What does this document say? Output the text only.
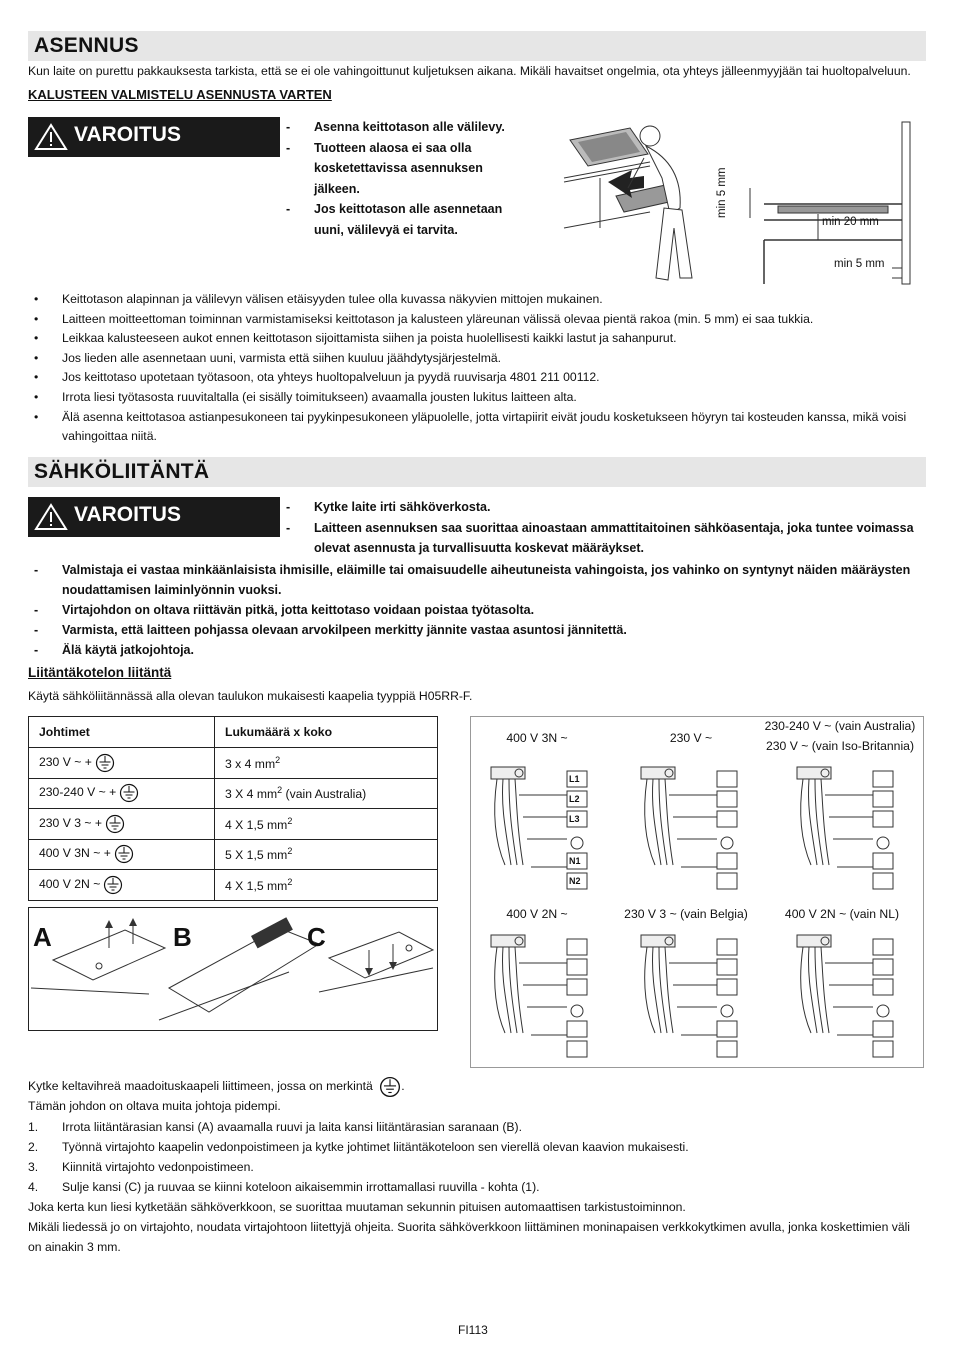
ASENNUS
Kun laite on purettu pakkauksesta tarkista, että se ei ole vahingoittunut kuljetuksen aikana. Mikäli havaitset ongelmia, ota yhteys jälleenmyyjään tai huoltopalveluun.
KALUSTEEN VALMISTELU ASENNUSTA VARTEN
VAROITUS	- Asenna keittotason alle välilevy.
- Tuotteen alaosa ei saa olla kosketettavissa asennuksen jälkeen.
- Jos keittotason alle asennetaan uuni, välilevyä ei tarvita.
min 5 mm
min 20 mm
min 5 mm
• Keittotason alapinnan ja välilevyn välisen etäisyyden tulee olla kuvassa näkyvien mittojen mukainen.
• Laitteen moitteettoman toiminnan varmistamiseksi keittotason ja kalusteen yläreunan välissä olevaa pientä rakoa (min. 5 mm) ei saa tukkia.
• Leikkaa kalusteeseen aukot ennen keittotason sijoittamista siihen ja poista huolellisesti kaikki lastut ja sahanpurut.
• Jos lieden alle asennetaan uuni, varmista että siihen kuuluu jäähdytysjärjestelmä.
• Jos keittotaso upotetaan työtasoon, ota yhteys huoltopalveluun ja pyydä ruuvisarja 4801 211 00112.
• Irrota liesi työtasosta ruuvitaltalla (ei sisälly toimitukseen) avaamalla jousten lukitus laitteen alta.
• Älä asenna keittotasoa astianpesukoneen tai pyykinpesukoneen yläpuolelle, jotta virtapiirit eivät joudu kosketukseen höyryn tai kosteuden kanssa, mikä voisi vahingoittaa niitä.
SÄHKÖLIITÄNTÄ
VAROITUS	- Kytke laite irti sähköverkosta.
- Laitteen asennuksen saa suorittaa ainoastaan ammattitaitoinen sähköasentaja, joka tuntee voimassa olevat asennusta ja turvallisuutta koskevat määräykset.
- Valmistaja ei vastaa minkäänlaisista ihmisille, eläimille tai omaisuudelle aiheutuneista vahingoista, jos vahinko on syntynyt näiden määräysten noudattamisen laiminlyönnin vuoksi.
- Virtajohdon on oltava riittävän pitkä, jotta keittotaso voidaan poistaa työtasolta.
- Varmista, että laitteen pohjassa olevaan arvokilpeen merkitty jännite vastaa asuntosi jännitettä.
- Älä käytä jatkojohtoja.
Liitäntäkotelon liitäntä
Käytä sähköliitännässä alla olevan taulukon mukaisesti kaapelia tyyppiä H05RR-F.
Johtimet	Lukumäärä x koko
230 V ~ +	3 x 4 $mm^2$
230-240 V ~ +	3 X 4 $mm^2$ (vain Australia)
230 V 3 ~ +	4 X 1,5 $mm^2$
400 V 3N ~ +	5 X 1,5 $mm^2$
400 V 2N ~	4 X 1,5 $mm^2$
A	B	C
400 V 3N ~	230 V ~
230-240 V ~ (vain Australia)
230 V ~ (vain Iso-Britannia)
400 V 2N ~	230 V 3 ~ (vain Belgia)	400 V 2N ~ (vain NL)
L1
L2
L3
N1
N2
Kytke keltavihreä maadoituskaapeli liittimeen, jossa on merkintä .
Tämän johdon on oltava muita johtoja pidempi.
1. Irrota liitäntärasian kansi (A) avaamalla ruuvi ja laita kansi liitäntärasian saranaan (B).
2. Työnnä virtajohto kaapelin vedonpoistimeen ja kytke johtimet liitäntäkoteloon sen vierellä olevan kaavion mukaisesti.
3. Kiinnitä virtajohto vedonpoistimeen.
4. Sulje kansi (C) ja ruuvaa se kiinni koteloon aikaisemmin irrottamallasi ruuvilla - kohta (1).
Joka kerta kun liesi kytketään sähköverkkoon, se suorittaa muutaman sekunnin pituisen automaattisen tarkistustoiminnon.
Mikäli liedessä jo on virtajohto, noudata virtajohtoon liitettyjä ohjeita. Suorita sähköverkkoon liittäminen moninapaisen verkkokytkimen avulla, jonka koskettimien väli on ainakin 3 mm.
FI113
